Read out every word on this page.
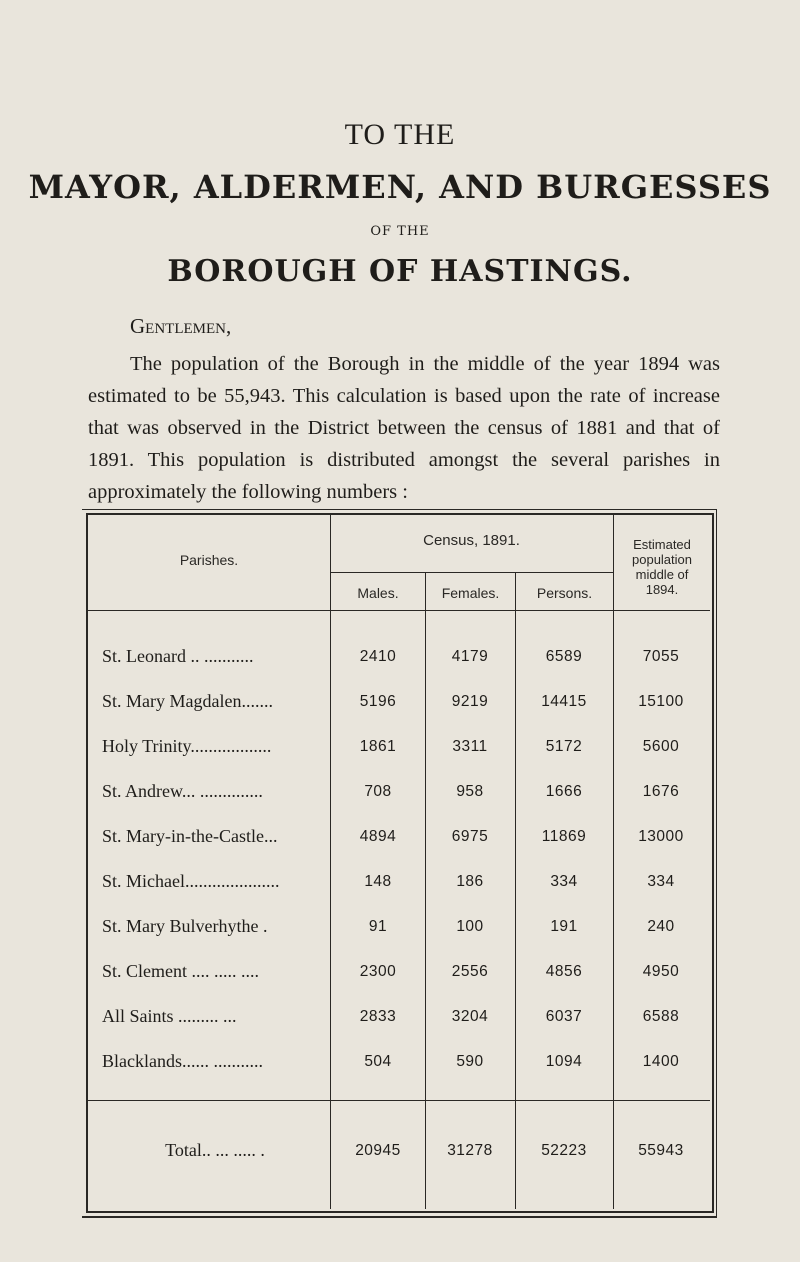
TO THE
MAYOR, ALDERMEN, AND BURGESSES
OF THE
BOROUGH OF HASTINGS.
Gentlemen,
The population of the Borough in the middle of the year 1894 was estimated to be 55,943. This calculation is based upon the rate of increase that was observed in the District between the census of 1881 and that of 1891. This population is distributed amongst the several parishes in approximately the following numbers :
Parishes.
Census, 1891.
Males.	Females.	Persons.
Estimated population middle of 1894.
St. Leonard .. ...........	2410	4179	6589	7055
St. Mary Magdalen.......	5196	9219	14415	15100
Holy Trinity..................	1861	3311	5172	5600
St. Andrew... ..............	708	958	1666	1676
St. Mary-in-the-Castle...	4894	6975	11869	13000
St. Michael.....................	148	186	334	334
St. Mary Bulverhythe .	91	100	191	240
St. Clement .... ..... ....	2300	2556	4856	4950
All Saints ......... ...	2833	3204	6037	6588
Blacklands...... ...........	504	590	1094	1400
Total.. ... ..... .	20945	31278	52223	55943
